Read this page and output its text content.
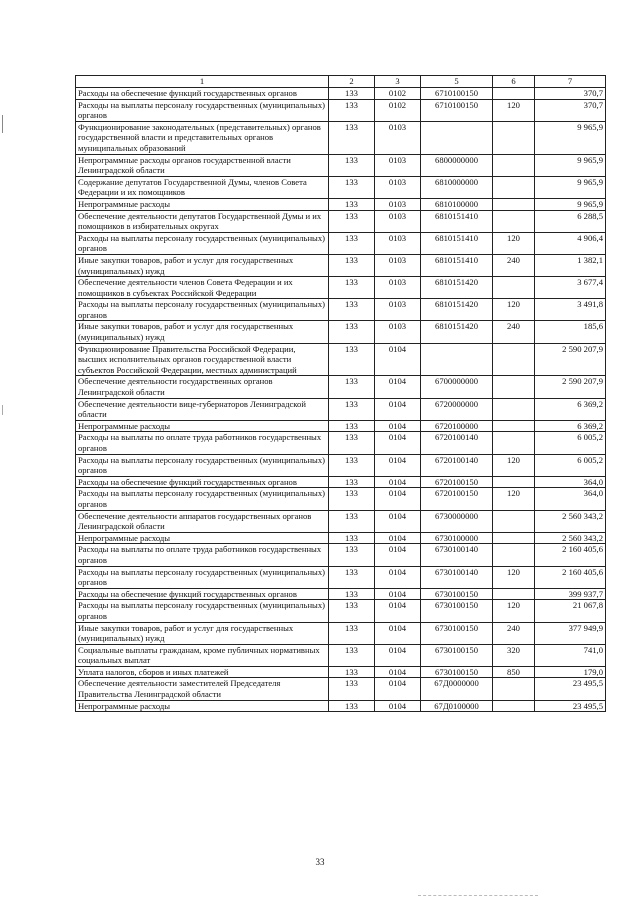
1	2	3	5	6	7
Расходы на обеспечение функций государственных органов	133	0102	6710100150		370,7
Расходы на выплаты персоналу государственных (муниципальных) органов	133	0102	6710100150	120	370,7
Функционирование законодательных (представительных) органов государственной власти и представительных органов муниципальных образований	133	0103			9 965,9
Непрограммные расходы органов государственной власти Ленинградской области	133	0103	6800000000		9 965,9
Содержание депутатов Государственной Думы, членов Совета Федерации и их помощников	133	0103	6810000000		9 965,9
Непрограммные расходы	133	0103	6810100000		9 965,9
Обеспечение деятельности депутатов Государственной Думы и их помощников в избирательных округах	133	0103	6810151410		6 288,5
Расходы на выплаты персоналу государственных (муниципальных) органов	133	0103	6810151410	120	4 906,4
Иные закупки товаров, работ и услуг для государственных (муниципальных) нужд	133	0103	6810151410	240	1 382,1
Обеспечение деятельности членов Совета Федерации и их помощников в субъектах Российской Федерации	133	0103	6810151420		3 677,4
Расходы на выплаты персоналу государственных (муниципальных) органов	133	0103	6810151420	120	3 491,8
Иные закупки товаров, работ и услуг для государственных (муниципальных) нужд	133	0103	6810151420	240	185,6
Функционирование Правительства Российской Федерации, высших исполнительных органов государственной власти субъектов Российской Федерации, местных администраций	133	0104			2 590 207,9
Обеспечение деятельности государственных органов Ленинградской области	133	0104	6700000000		2 590 207,9
Обеспечение деятельности вице-губернаторов Ленинградской области	133	0104	6720000000		6 369,2
Непрограммные расходы	133	0104	6720100000		6 369,2
Расходы на выплаты по оплате труда работников государственных органов	133	0104	6720100140		6 005,2
Расходы на выплаты персоналу государственных (муниципальных) органов	133	0104	6720100140	120	6 005,2
Расходы на обеспечение функций государственных органов	133	0104	6720100150		364,0
Расходы на выплаты персоналу государственных (муниципальных) органов	133	0104	6720100150	120	364,0
Обеспечение деятельности аппаратов государственных органов Ленинградской области	133	0104	6730000000		2 560 343,2
Непрограммные расходы	133	0104	6730100000		2 560 343,2
Расходы на выплаты по оплате труда работников государственных органов	133	0104	6730100140		2 160 405,6
Расходы на выплаты персоналу государственных (муниципальных) органов	133	0104	6730100140	120	2 160 405,6
Расходы на обеспечение функций государственных органов	133	0104	6730100150		399 937,7
Расходы на выплаты персоналу государственных (муниципальных) органов	133	0104	6730100150	120	21 067,8
Иные закупки товаров, работ и услуг для государственных (муниципальных) нужд	133	0104	6730100150	240	377 949,9
Социальные выплаты гражданам, кроме публичных нормативных социальных выплат	133	0104	6730100150	320	741,0
Уплата налогов, сборов и иных платежей	133	0104	6730100150	850	179,0
Обеспечение деятельности заместителей Председателя Правительства Ленинградской области	133	0104	67Д0000000		23 495,5
Непрограммные расходы	133	0104	67Д0100000		23 495,5
33
